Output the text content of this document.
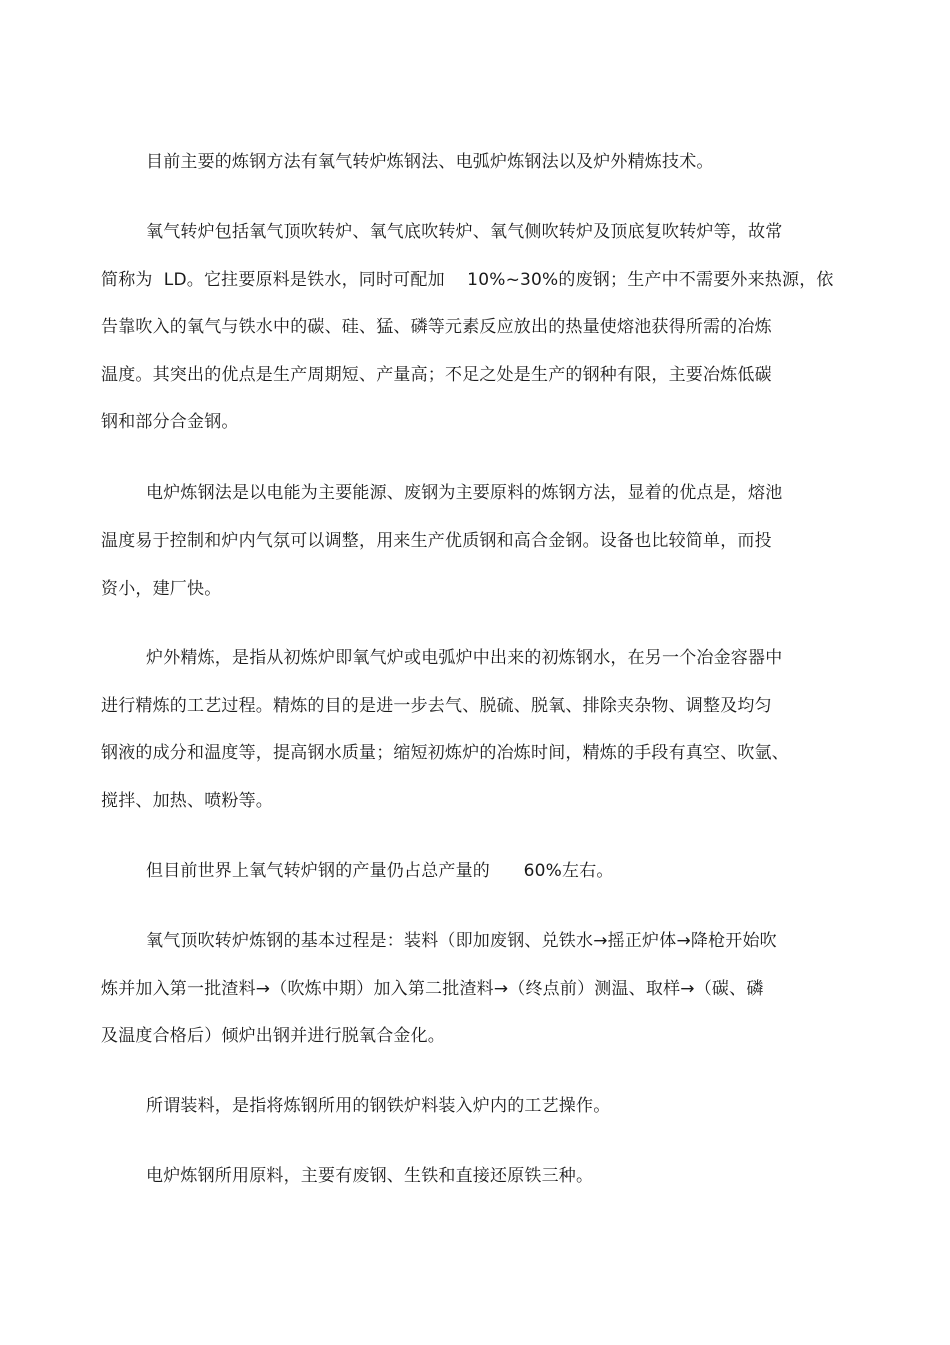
目前主要的炼钢方法有氧气转炉炼钢法、电弧炉炼钢法以及炉外精炼技术。
氧气转炉包括氧气顶吹转炉、氧气底吹转炉、氧气侧吹转炉及顶底复吹转炉等，故常
简称为  LD。它拄要原料是铁水，同时可配加    10%~30%的废钢；生产中不需要外来热源，依
告靠吹入的氧气与铁水中的碳、硅、猛、磷等元素反应放出的热量使熔池获得所需的冶炼
温度。其突出的优点是生产周期短、产量高；不足之处是生产的钢种有限，主要冶炼低碳
钢和部分合金钢。
电炉炼钢法是以电能为主要能源、废钢为主要原料的炼钢方法，显着的优点是，熔池
温度易于控制和炉内气氛可以调整，用来生产优质钢和高合金钢。设备也比较简单，而投
资小，建厂快。
炉外精炼，是指从初炼炉即氧气炉或电弧炉中出来的初炼钢水，在另一个冶金容器中
进行精炼的工艺过程。精炼的目的是进一步去气、脱硫、脱氧、排除夹杂物、调整及均匀
钢液的成分和温度等，提高钢水质量；缩短初炼炉的冶炼时间，精炼的手段有真空、吹氩、
搅拌、加热、喷粉等。
但目前世界上氧气转炉钢的产量仍占总产量的      60%左右。
氧气顶吹转炉炼钢的基本过程是：装料（即加废钢、兑铁水→摇正炉体→降枪开始吹
炼并加入第一批渣料→（吹炼中期）加入第二批渣料→（终点前）测温、取样→（碳、磷
及温度合格后）倾炉出钢并进行脱氧合金化。
所谓装料，是指将炼钢所用的钢铁炉料装入炉内的工艺操作。
电炉炼钢所用原料，主要有废钢、生铁和直接还原铁三种。
